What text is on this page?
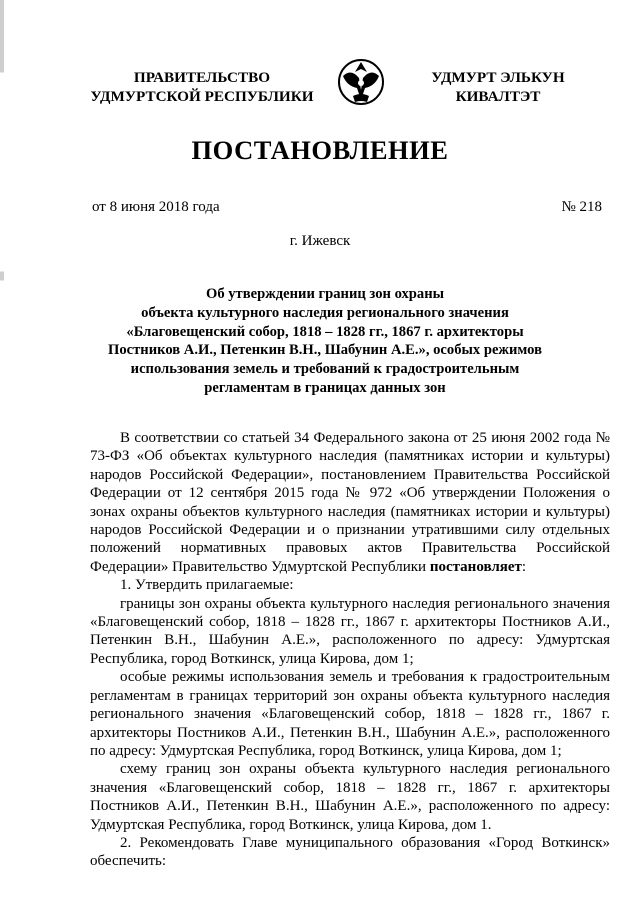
ПРАВИТЕЛЬСТВО
УДМУРТСКОЙ РЕСПУБЛИКИ
УДМУРТ ЭЛЬКУН
КИВАЛТЭТ
ПОСТАНОВЛЕНИЕ
от 8 июня 2018 года	№ 218
г. Ижевск
Об утверждении границ зон охраны
объекта культурного наследия регионального значения
«Благовещенский собор, 1818 – 1828 гг., 1867 г. архитекторы
Постников А.И., Петенкин В.Н., Шабунин А.Е.», особых режимов
использования земель и требований к градостроительным
регламентам в границах данных зон

В соответствии со статьей 34 Федерального закона от 25 июня 2002 года № 73-ФЗ «Об объектах культурного наследия (памятниках истории и культуры) народов Российской Федерации», постановлением Правительства Российской Федерации от 12 сентября 2015 года № 972 «Об утверждении Положения о зонах охраны объектов культурного наследия (памятниках истории и культуры) народов Российской Федерации и о признании утратившими силу отдельных положений нормативных правовых актов Правительства Российской Федерации» Правительство Удмуртской Республики постановляет:

1. Утвердить прилагаемые:

границы зон охраны объекта культурного наследия регионального значения «Благовещенский собор, 1818 – 1828 гг., 1867 г. архитекторы Постников А.И., Петенкин В.Н., Шабунин А.Е.», расположенного по адресу: Удмуртская Республика, город Воткинск, улица Кирова, дом 1;

особые режимы использования земель и требования к градостроительным регламентам в границах территорий зон охраны объекта культурного наследия регионального значения «Благовещенский собор, 1818 – 1828 гг., 1867 г. архитекторы Постников А.И., Петенкин В.Н., Шабунин А.Е.», расположенного по адресу: Удмуртская Республика, город Воткинск, улица Кирова, дом 1;

схему границ зон охраны объекта культурного наследия регионального значения «Благовещенский собор, 1818 – 1828 гг., 1867 г. архитекторы Постников А.И., Петенкин В.Н., Шабунин А.Е.», расположенного по адресу: Удмуртская Республика, город Воткинск, улица Кирова, дом 1.

2. Рекомендовать Главе муниципального образования «Город Воткинск» обеспечить:
